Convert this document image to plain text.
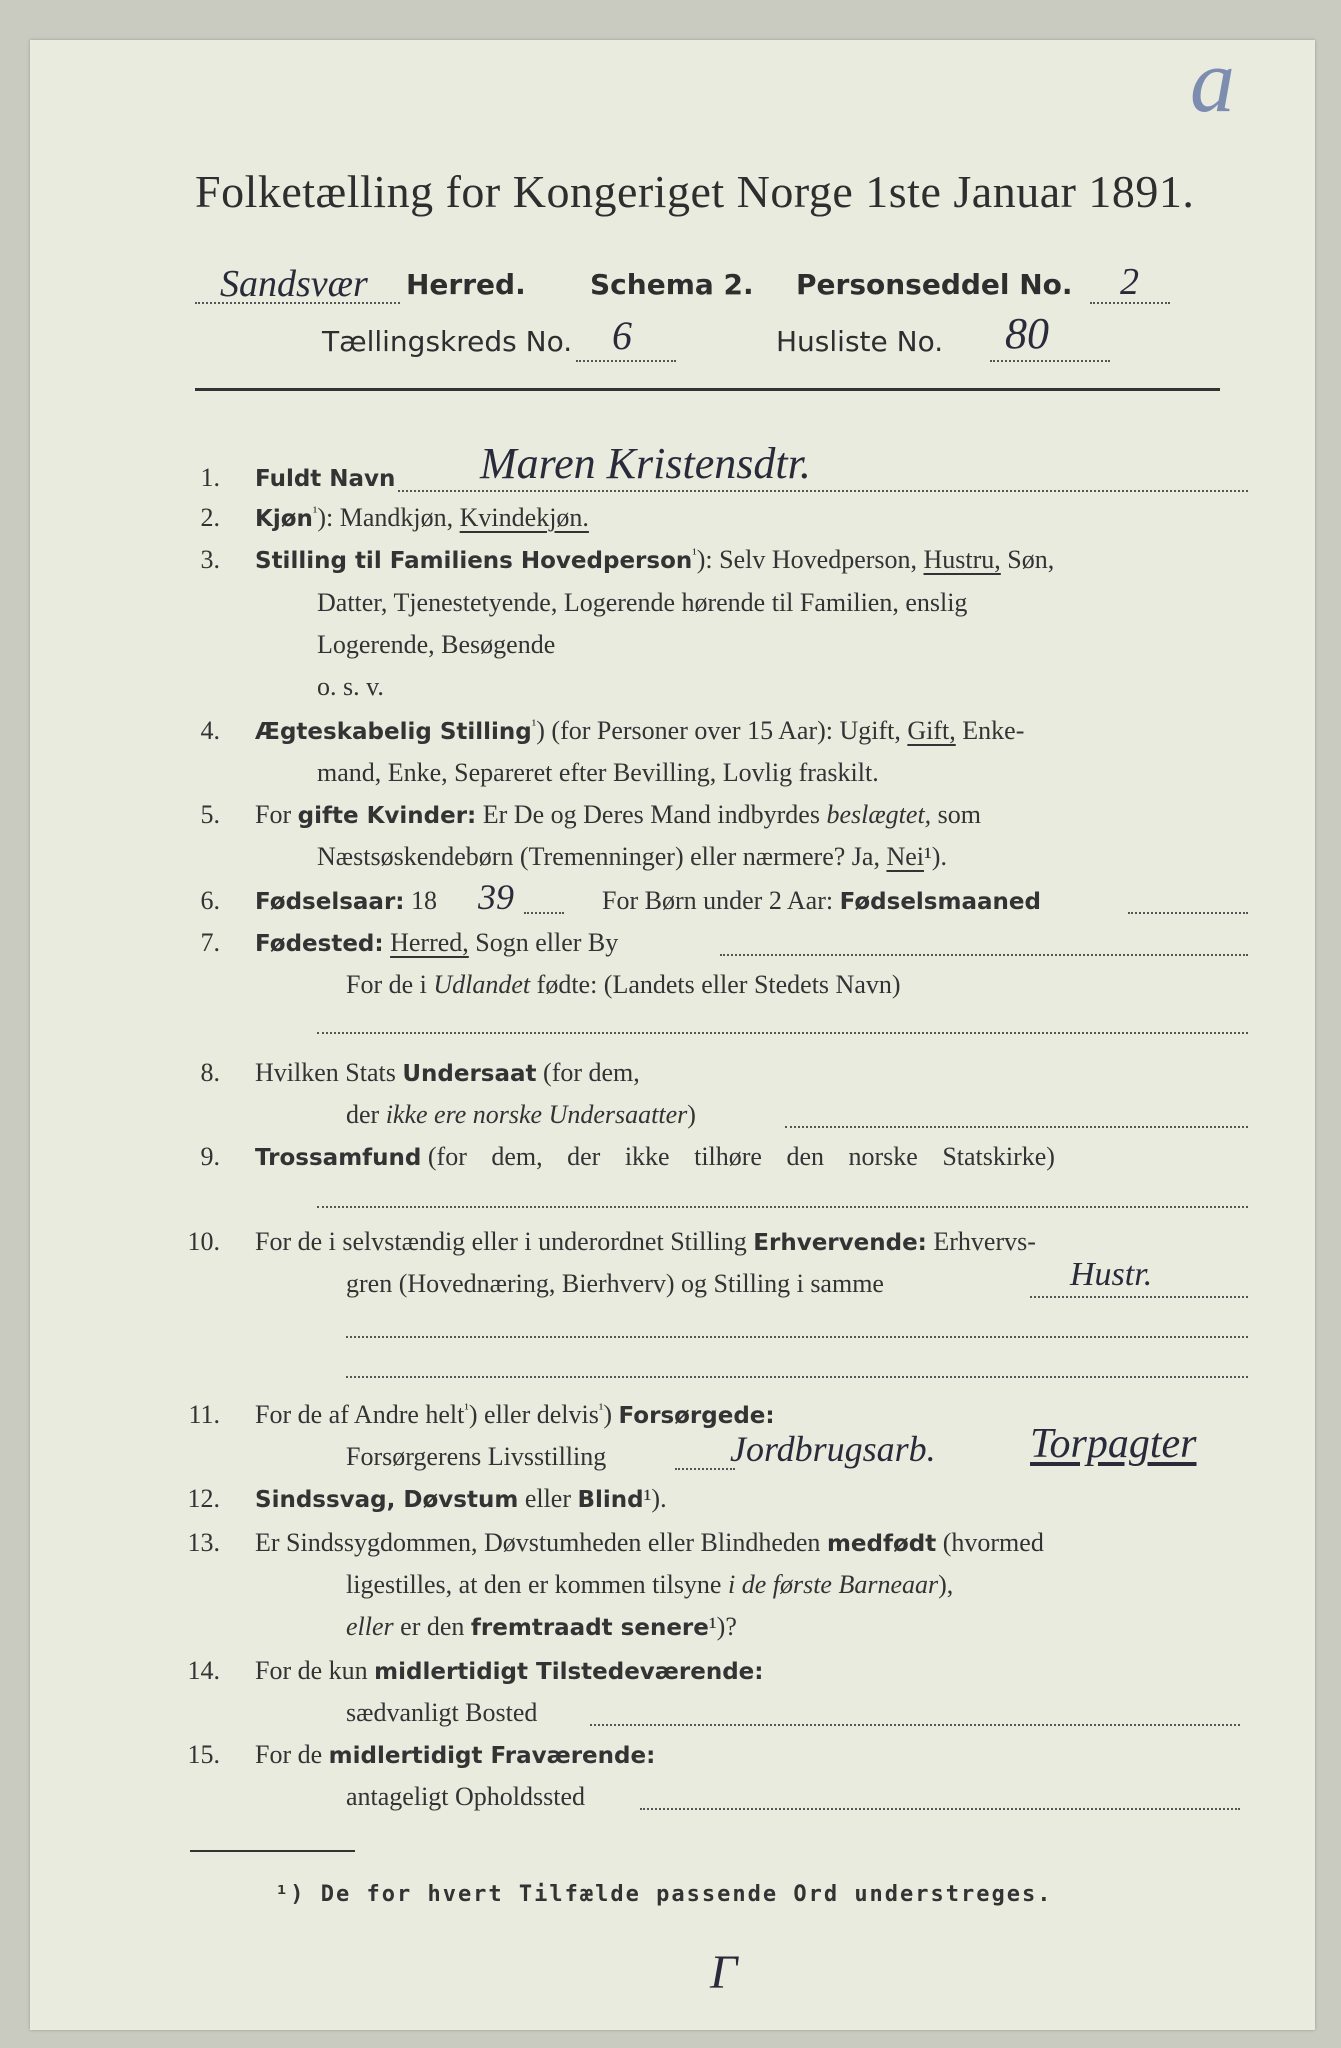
a
Folketælling for Kongeriget Norge 1ste Januar 1891.
Sandsvær Herred. Schema 2. Personseddel No. 2
Tællingskreds No. 6	Husliste No. 80
1. Fuldt Navn Maren Kristensdtr.
2. Kjøn$^{^1}$): Mandkjøn, Kvindekjøn.
3. Stilling til Familiens Hovedperson$^{^1}$): Selv Hovedperson, Hustru, Søn,
Datter, Tjenestetyende, Logerende hørende til Familien, enslig
Logerende, Besøgende
o. s. v.
4. Ægteskabelig Stilling$^{^1}$) (for Personer over 15 Aar): Ugift, Gift, Enke-
mand, Enke, Separeret efter Bevilling, Lovlig fraskilt.
5. For gifte Kvinder: Er De og Deres Mand indbyrdes beslægtet, som
Næstsøskendebørn (Tremenninger) eller nærmere? Ja, Nei¹).
6. Fødselsaar: 18 39	For Børn under 2 Aar: Fødselsmaaned
7. Fødested: Herred, Sogn eller By
For de i Udlandet fødte: (Landets eller Stedets Navn)
8. Hvilken Stats Undersaat (for dem,
der ikke ere norske Undersaatter)
9. Trossamfund (for dem, der ikke tilhøre den norske Statskirke)
10. For de i selvstændig eller i underordnet Stilling Erhvervende: Erhvervs-
gren (Hovednæring, Bierhverv) og Stilling i samme	Hustr.
11. For de af Andre helt$^{^1}$) eller delvis$^{^1}$) Forsørgede:
Forsørgerens Livsstilling	Jordbrugsarb. Torpagter
12. Sindssvag, Døvstum eller Blind¹).
13. Er Sindssygdommen, Døvstumheden eller Blindheden medfødt (hvormed
ligestilles, at den er kommen tilsyne i de første Barneaar),
eller er den fremtraadt senere¹)?
14. For de kun midlertidigt Tilstedeværende:
sædvanligt Bosted
15. For de midlertidigt Fraværende:
antageligt Opholdssted
¹) De for hvert Tilfælde passende Ord understreges.
Γ
